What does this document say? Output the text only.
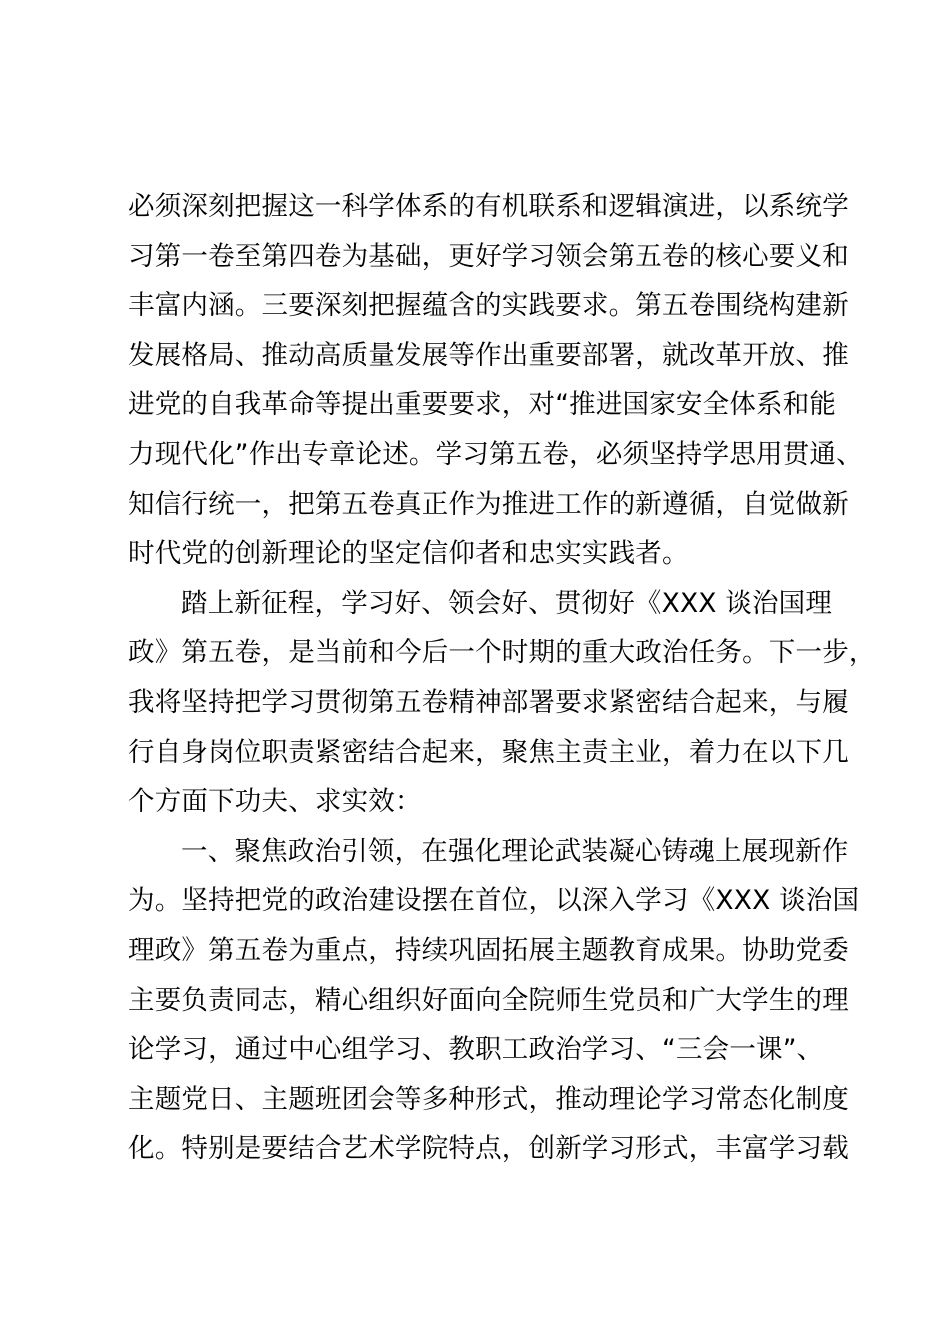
必须深刻把握这一科学体系的有机联系和逻辑演进，以系统学
习第一卷至第四卷为基础，更好学习领会第五卷的核心要义和
丰富内涵。三要深刻把握蕴含的实践要求。第五卷围绕构建新
发展格局、推动高质量发展等作出重要部署，就改革开放、推
进党的自我革命等提出重要要求，对“推进国家安全体系和能
力现代化”作出专章论述。学习第五卷，必须坚持学思用贯通、
知信行统一，把第五卷真正作为推进工作的新遵循，自觉做新
时代党的创新理论的坚定信仰者和忠实实践者。
踏上新征程，学习好、领会好、贯彻好《XXX 谈治国理
政》第五卷，是当前和今后一个时期的重大政治任务。下一步，
我将坚持把学习贯彻第五卷精神部署要求紧密结合起来，与履
行自身岗位职责紧密结合起来，聚焦主责主业，着力在以下几
个方面下功夫、求实效：
一、聚焦政治引领，在强化理论武装凝心铸魂上展现新作
为。坚持把党的政治建设摆在首位，以深入学习《XXX 谈治国
理政》第五卷为重点，持续巩固拓展主题教育成果。协助党委
主要负责同志，精心组织好面向全院师生党员和广大学生的理
论学习，通过中心组学习、教职工政治学习、“三会一课”、
主题党日、主题班团会等多种形式，推动理论学习常态化制度
化。特别是要结合艺术学院特点，创新学习形式，丰富学习载
